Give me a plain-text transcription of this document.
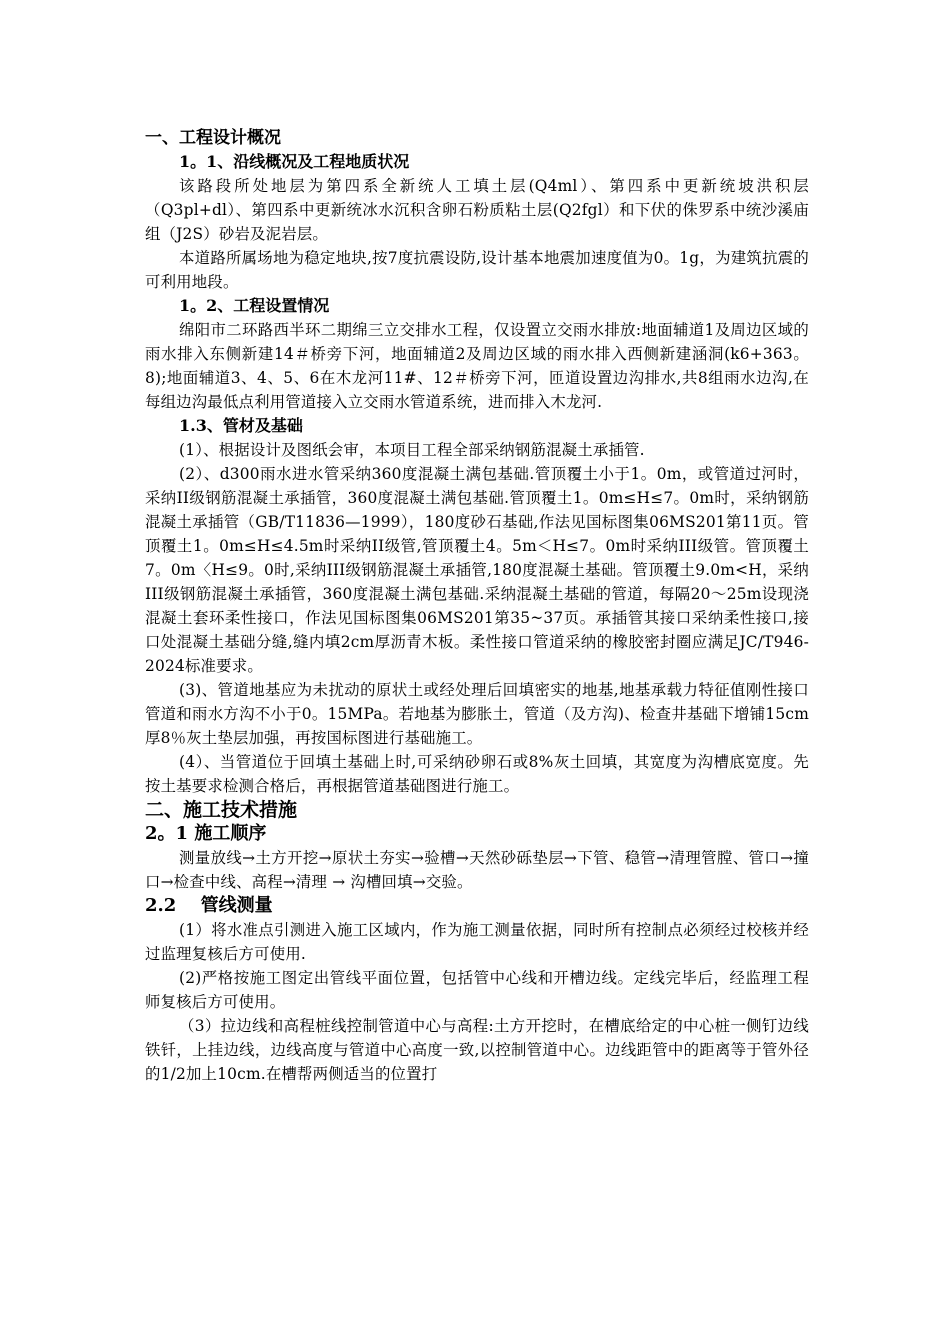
一、工程设计概况

1。1、沿线概况及工程地质状况

该路段所处地层为第四系全新统人工填土层(Q4ml）、第四系中更新统坡洪积层（Q3pl+dl）、第四系中更新统冰水沉积含卵石粉质粘土层(Q2fgl）和下伏的侏罗系中统沙溪庙组（J2S）砂岩及泥岩层。

本道路所属场地为稳定地块,按7度抗震设防,设计基本地震加速度值为0。1g，为建筑抗震的可利用地段。

1。2、工程设置情况

绵阳市二环路西半环二期绵三立交排水工程，仅设置立交雨水排放:地面辅道1及周边区域的雨水排入东侧新建14＃桥旁下河，地面辅道2及周边区域的雨水排入西侧新建涵洞(k6+363。8);地面辅道3、4、5、6在木龙河11#、12＃桥旁下河，匝道设置边沟排水,共8组雨水边沟,在每组边沟最低点利用管道接入立交雨水管道系统，进而排入木龙河.

1.3、管材及基础

(1）、根据设计及图纸会审，本项目工程全部采纳钢筋混凝土承插管.

(2）、d300雨水进水管采纳360度混凝土满包基础.管顶覆土小于1。0m，或管道过河时，采纳II级钢筋混凝土承插管，360度混凝土满包基础.管顶覆土1。0m≤H≤7。0m时，采纳钢筋混凝土承插管（GB/T11836—1999），180度砂石基础,作法见国标图集06MS201第11页。管顶覆土1。0m≤H≤4.5m时采纳II级管,管顶覆土4。5m＜H≤7。0m时采纳III级管。管顶覆土7。0m〈H≤9。0时,采纳III级钢筋混凝土承插管,180度混凝土基础。管顶覆土9.0m<H，采纳III级钢筋混凝土承插管，360度混凝土满包基础.采纳混凝土基础的管道，每隔20～25m设现浇混凝土套环柔性接口，作法见国标图集06MS201第35~37页。承插管其接口采纳柔性接口,接口处混凝土基础分缝,缝内填2cm厚沥青木板。柔性接口管道采纳的橡胶密封圈应满足JC/T946-2024标准要求。

(3)、管道地基应为未扰动的原状土或经处理后回填密实的地基,地基承载力特征值刚性接口管道和雨水方沟不小于0。15MPa。若地基为膨胀土，管道（及方沟)、检查井基础下增铺15cm厚8％灰土垫层加强，再按国标图进行基础施工。

(4）、当管道位于回填土基础上时,可采纳砂卵石或8%灰土回填，其宽度为沟槽底宽度。先按土基要求检测合格后，再根据管道基础图进行施工。

二、施工技术措施

2。1 施工顺序

测量放线→土方开挖→原状土夯实→验槽→天然砂砾垫层→下管、稳管→清理管膛、管口→撞口→检查中线、高程→清理 → 沟槽回填→交验。

2.2　 管线测量

(1）将水准点引测进入施工区域内，作为施工测量依据，同时所有控制点必须经过校核并经过监理复核后方可使用.

(2)严格按施工图定出管线平面位置，包括管中心线和开槽边线。定线完毕后，经监理工程师复核后方可使用。

（3）拉边线和高程桩线控制管道中心与高程:土方开挖时，在槽底给定的中心桩一侧钉边线铁钎，上挂边线，边线高度与管道中心高度一致,以控制管道中心。边线距管中的距离等于管外径的1/2加上10cm.在槽帮两侧适当的位置打
